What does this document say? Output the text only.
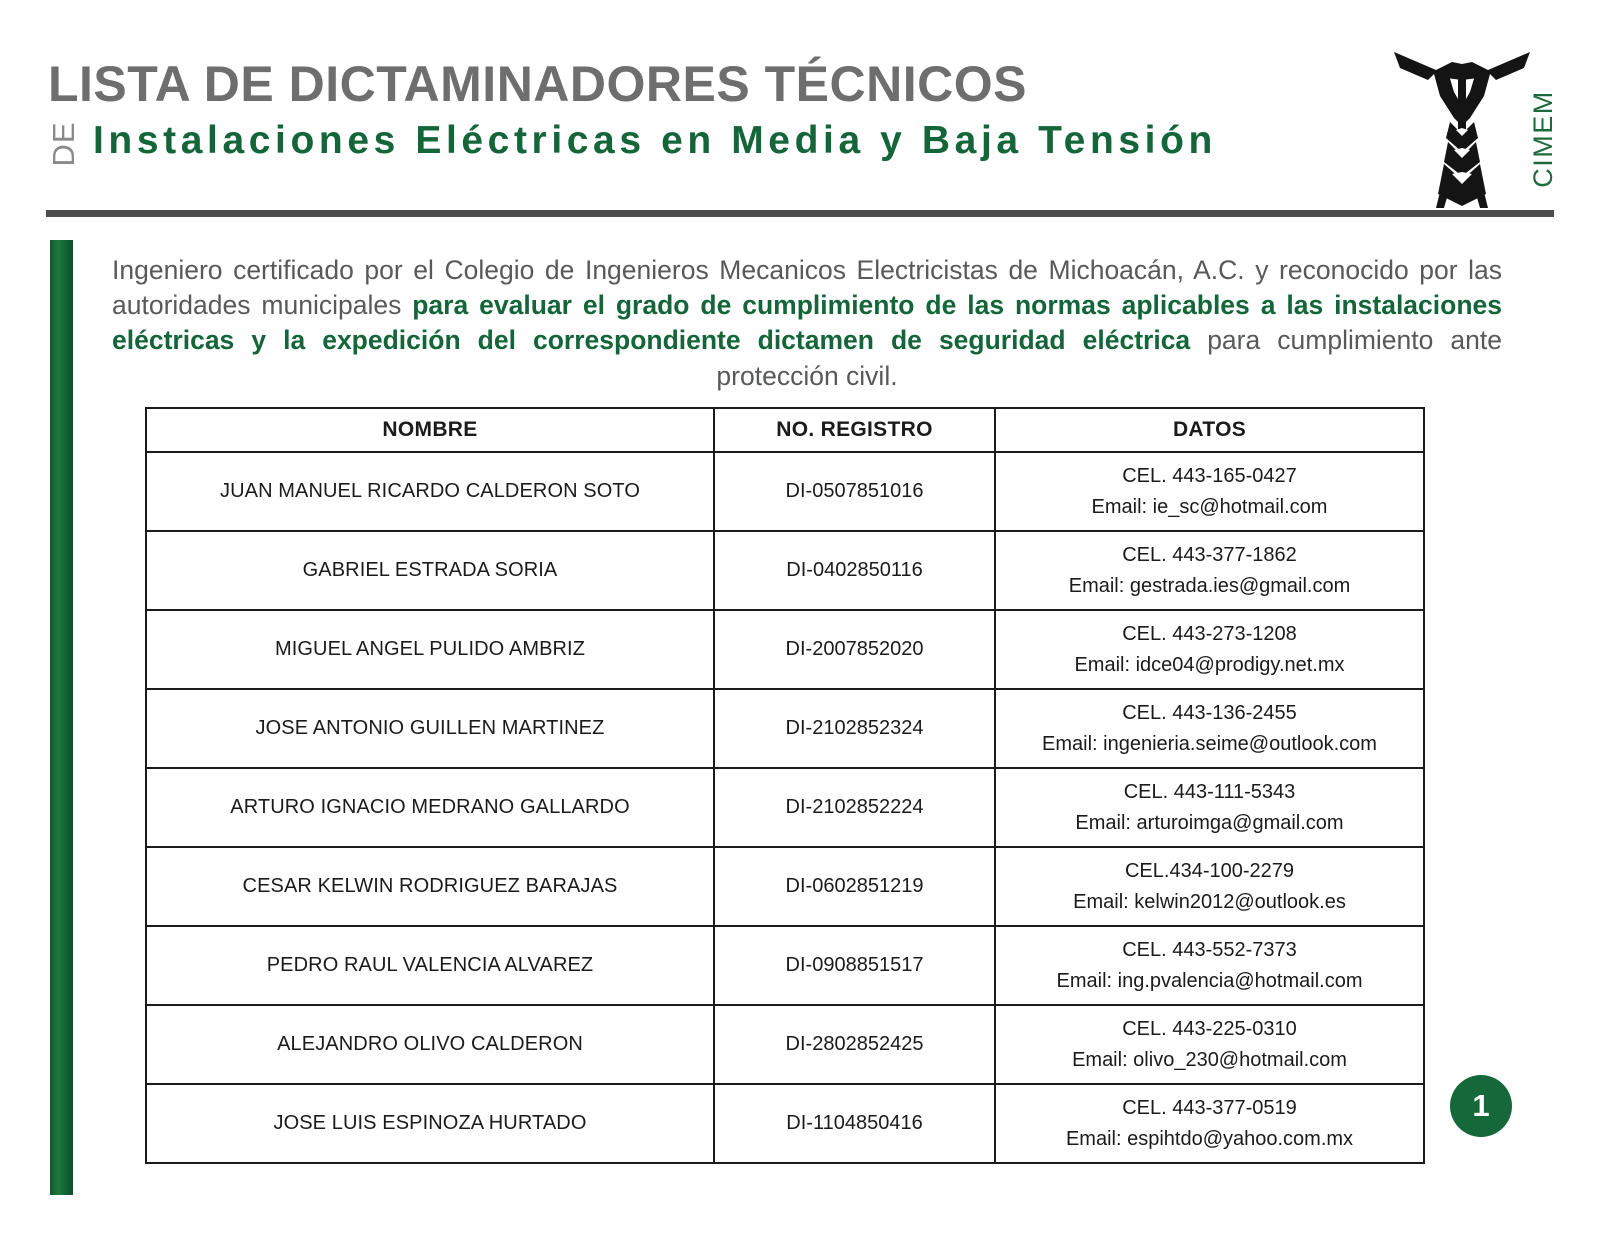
LISTA DE DICTAMINADORES TÉCNICOS
DE Instalaciones Eléctricas en Media y Baja Tensión	CIMEM

Ingeniero certificado por el Colegio de Ingenieros Mecanicos Electricistas de Michoacán, A.C. y reconocido por las autoridades municipales para evaluar el grado de cumplimiento de las normas aplicables a las instalaciones eléctricas y la expedición del correspondiente dictamen de seguridad eléctrica para cumplimiento ante protección civil.

NOMBRE	NO. REGISTRO	DATOS
JUAN MANUEL RICARDO CALDERON SOTO	DI-0507851016	CEL. 443-165-0427
Email: ie_sc@hotmail.com

GABRIEL ESTRADA SORIA	DI-0402850116	CEL. 443-377-1862
Email: gestrada.ies@gmail.com

MIGUEL ANGEL PULIDO AMBRIZ	DI-2007852020	CEL. 443-273-1208
Email: idce04@prodigy.net.mx

JOSE ANTONIO GUILLEN MARTINEZ	DI-2102852324	CEL. 443-136-2455
Email: ingenieria.seime@outlook.com

ARTURO IGNACIO MEDRANO GALLARDO	DI-2102852224	CEL. 443-111-5343
Email: arturoimga@gmail.com

CESAR KELWIN RODRIGUEZ BARAJAS	DI-0602851219	CEL.434-100-2279
Email: kelwin2012@outlook.es

PEDRO RAUL VALENCIA ALVAREZ	DI-0908851517	CEL. 443-552-7373
Email: ing.pvalencia@hotmail.com

ALEJANDRO OLIVO CALDERON	DI-2802852425	CEL. 443-225-0310
Email: olivo_230@hotmail.com

JOSE LUIS ESPINOZA HURTADO	DI-1104850416	CEL. 443-377-0519
Email: espihtdo@yahoo.com.mx
1
